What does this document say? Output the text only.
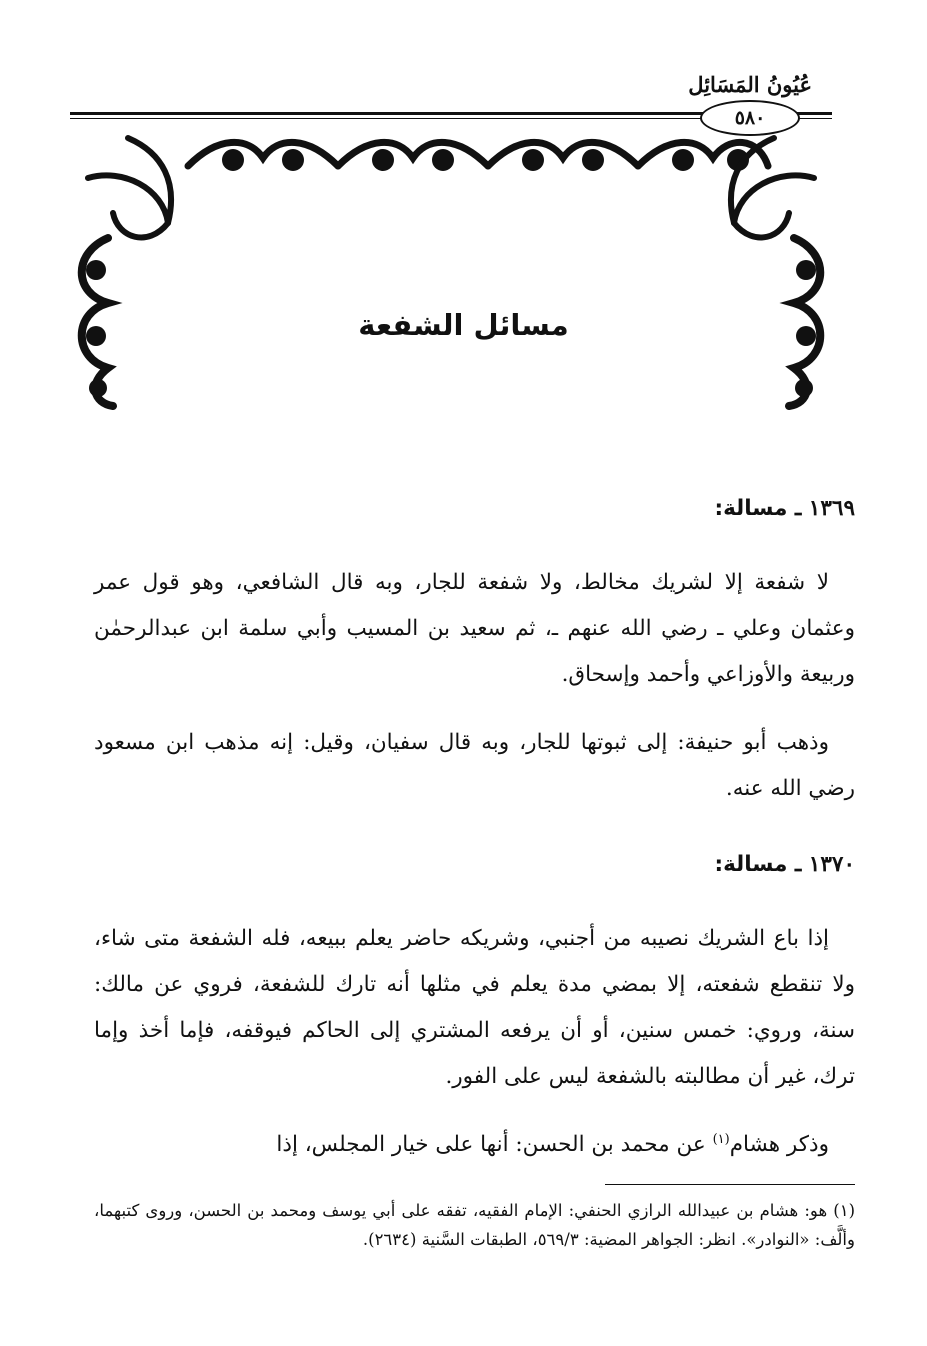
عُيُونُ المَسَائِل
٥٨٠
مسائل الشفعة
١٣٦٩ ـ مسالة:

لا شفعة إلا لشريك مخالط، ولا شفعة للجار، وبه قال الشافعي، وهو قول عمر وعثمان وعلي ـ رضي الله عنهم ـ، ثم سعيد بن المسيب وأبي سلمة ابن عبدالرحمٰن وربيعة والأوزاعي وأحمد وإسحاق.

وذهب أبو حنيفة: إلى ثبوتها للجار، وبه قال سفيان، وقيل: إنه مذهب ابن مسعود رضي الله عنه.

١٣٧٠ ـ مسالة:

إذا باع الشريك نصيبه من أجنبي، وشريكه حاضر يعلم ببيعه، فله الشفعة متى شاء، ولا تنقطع شفعته، إلا بمضي مدة يعلم في مثلها أنه تارك للشفعة، فروي عن مالك: سنة، وروي: خمس سنين، أو أن يرفعه المشتري إلى الحاكم فيوقفه، فإما أخذ وإما ترك، غير أن مطالبته بالشفعة ليس على الفور.

وذكر هشام$^{(١)}$ عن محمد بن الحسن: أنها على خيار المجلس، إذا

(١) هو: هشام بن عبيدالله الرازي الحنفي: الإمام الفقيه، تفقه على أبي يوسف ومحمد بن الحسن، وروى كتبهما، وألَّف: «النوادر». انظر: الجواهر المضية: ٥٦٩/٣، الطبقات السَّنية (٢٦٣٤).
